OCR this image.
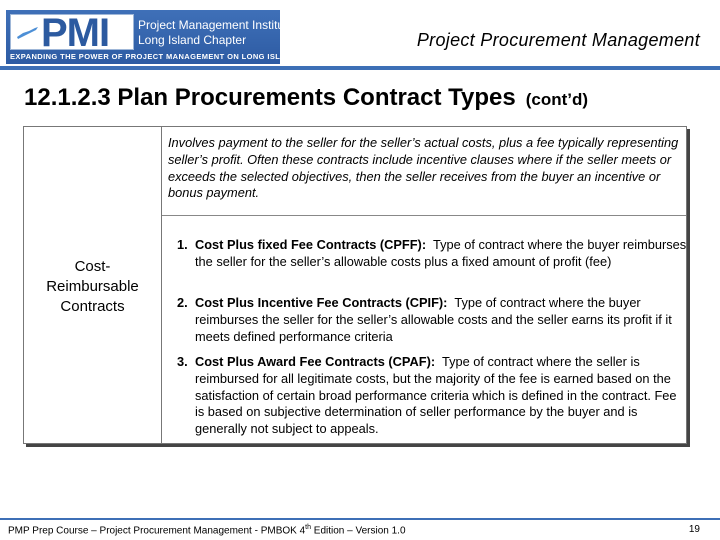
PMI Project Management Institute
Long Island Chapter
EXPANDING THE POWER OF PROJECT MANAGEMENT ON LONG ISLAND
Project Procurement Management
12.1.2.3 Plan Procurements Contract Types (cont’d)
Cost-
Reimbursable
Contracts
Involves payment to the seller for the seller’s actual costs, plus a fee typically representing seller’s profit. Often these contracts include incentive clauses where if the seller meets or exceeds the selected objectives, then the seller receives from the buyer an incentive or bonus payment.
1. Cost Plus fixed Fee Contracts (CPFF): Type of contract where the buyer reimburses the seller for the seller’s allowable costs plus a fixed amount of profit (fee)
2. Cost Plus Incentive Fee Contracts (CPIF): Type of contract where the buyer reimburses the seller for the seller’s allowable costs and the seller earns its profit if it meets defined performance criteria
3. Cost Plus Award Fee Contracts (CPAF): Type of contract where the seller is reimbursed for all legitimate costs, but the majority of the fee is earned based on the satisfaction of certain broad performance criteria which is defined in the contract. Fee is based on subjective determination of seller performance by the buyer and is generally not subject to appeals.
PMP Prep Course – Project Procurement Management - PMBOK 4th Edition – Version 1.0	19
